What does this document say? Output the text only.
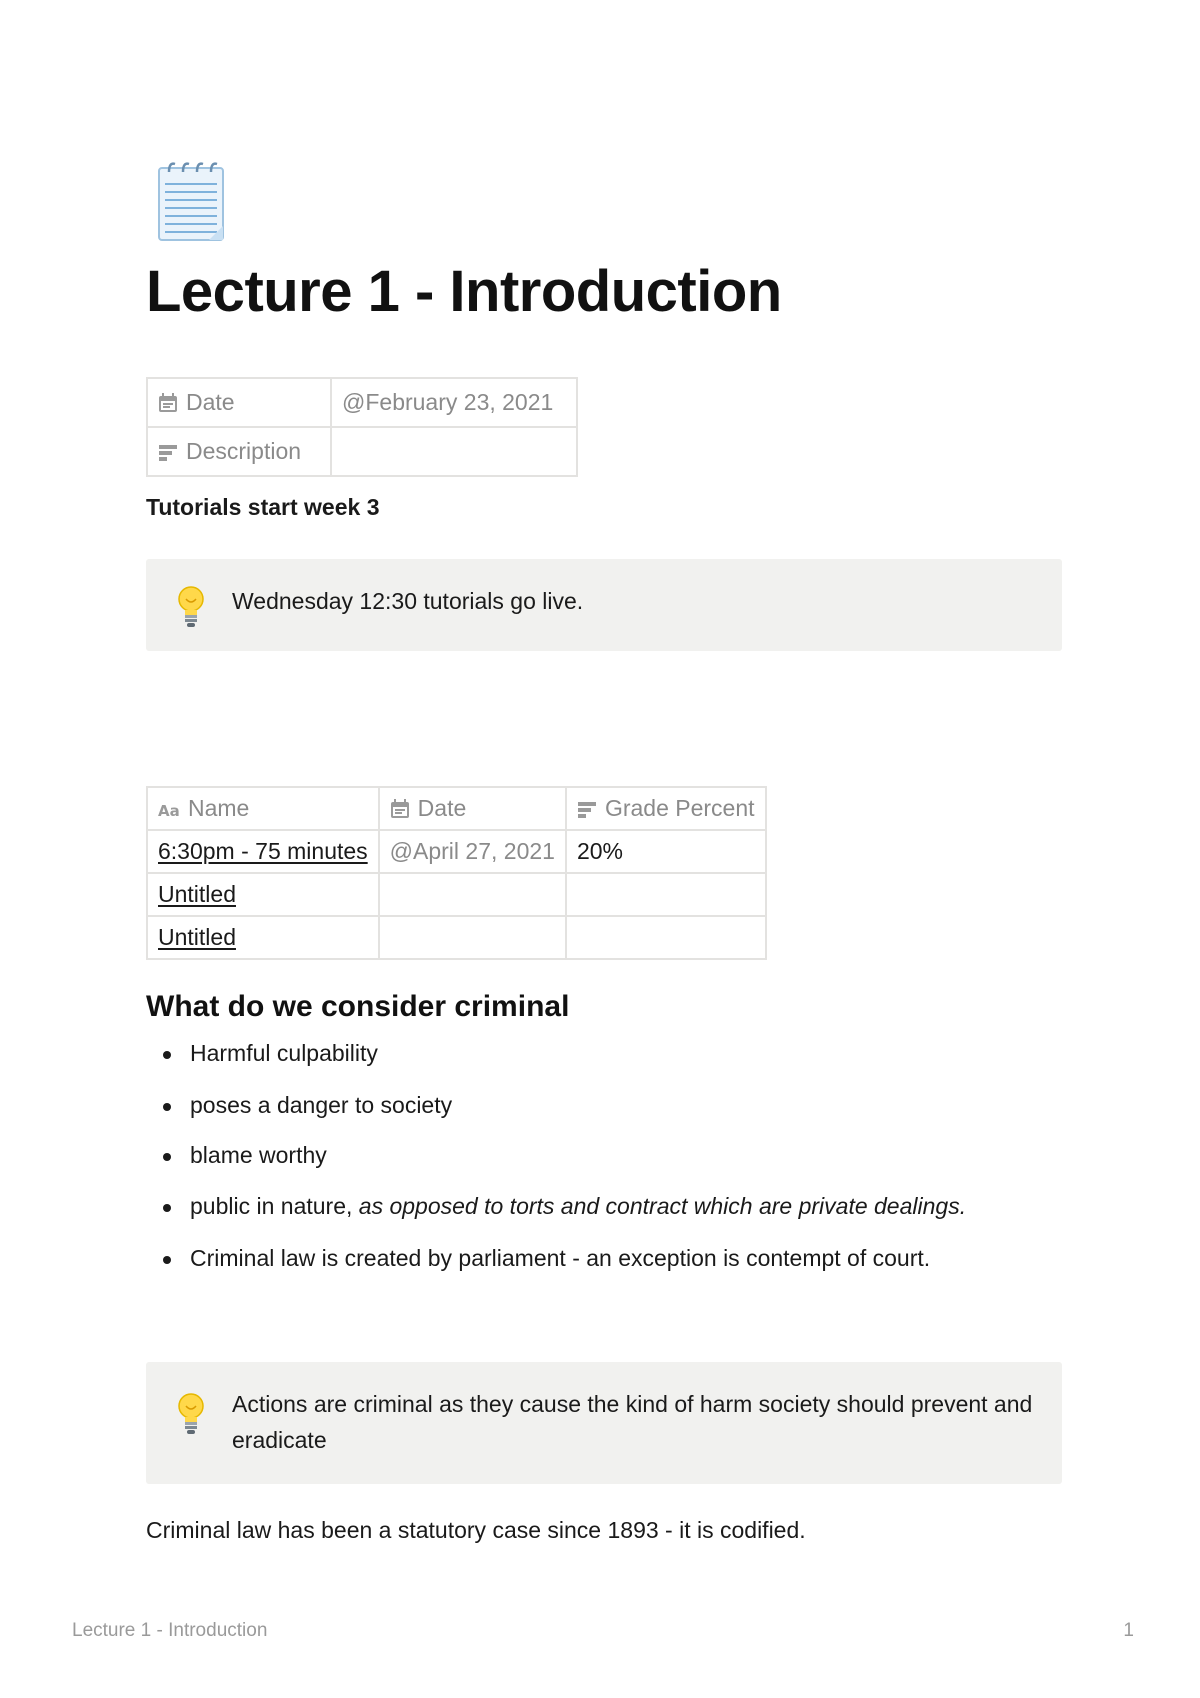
Lecture 1 - Introduction
Date	@February 23, 2021
Description	

Tutorials start week 3

Wednesday 12:30 tutorials go live.
Aa Name	Date	Grade Percent
6:30pm - 75 minutes	@April 27, 2021	20%
Untitled		
Untitled		
What do we consider criminal
Harmful culpability
poses a danger to society
blame worthy
public in nature, as opposed to torts and contract which are private dealings.
Criminal law is created by parliament - an exception is contempt of court.
Actions are criminal as they cause the kind of harm society should prevent and eradicate

Criminal law has been a statutory case since 1893 - it is codified.

Lecture 1 - Introduction	1
